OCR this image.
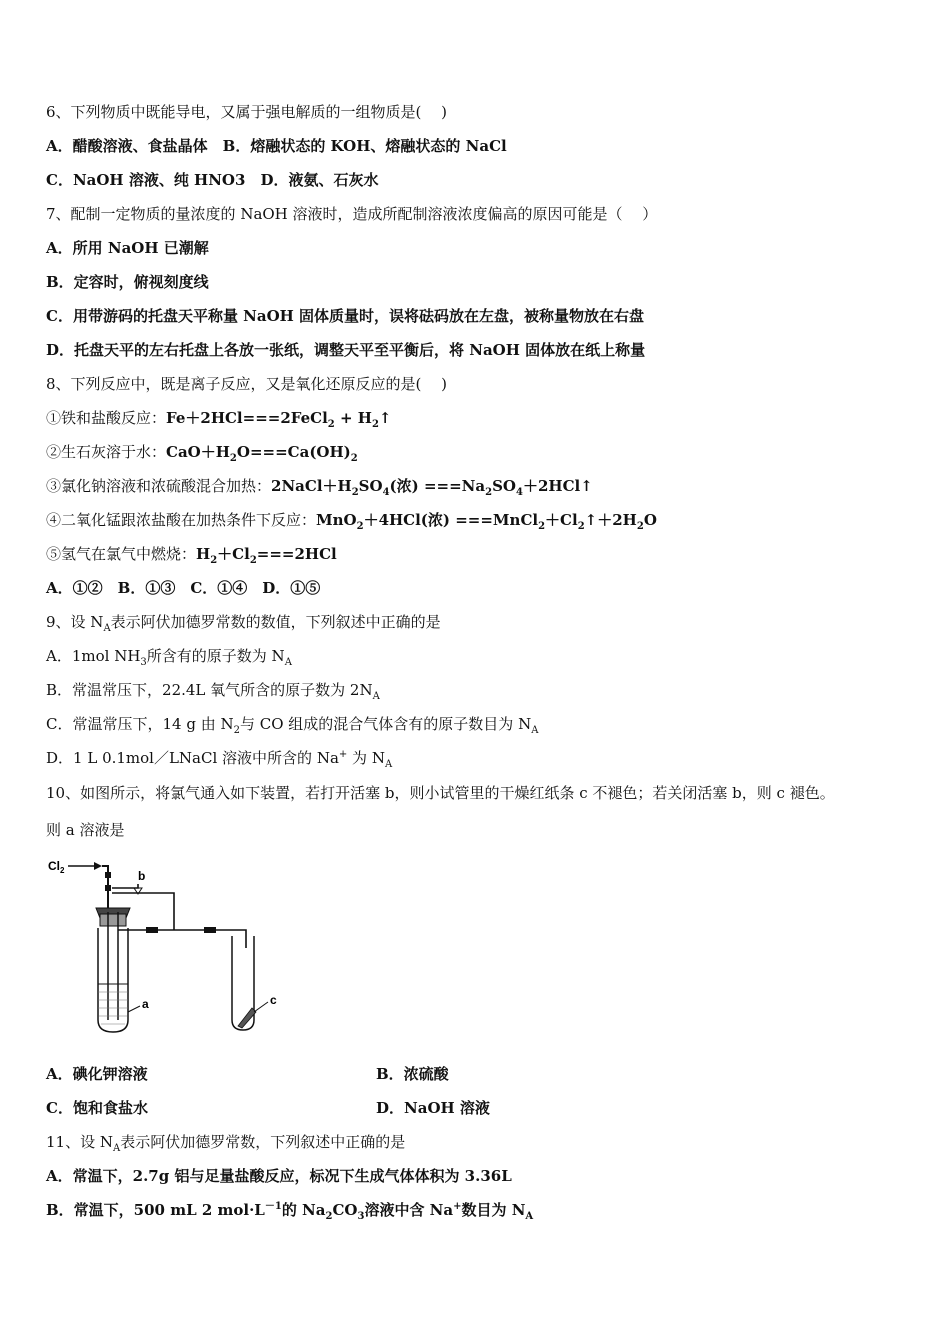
6、下列物质中既能导电，又属于强电解质的一组物质是(　 )
A．醋酸溶液、食盐晶体　B．熔融状态的 KOH、熔融状态的 NaCl
C．NaOH 溶液、纯 HNO3　D．液氨、石灰水
7、配制一定物质的量浓度的 NaOH 溶液时，造成所配制溶液浓度偏高的原因可能是（　 ）
A．所用 NaOH 已潮解
B．定容时，俯视刻度线
C．用带游码的托盘天平称量 NaOH 固体质量时，误将砝码放在左盘，被称量物放在右盘
D．托盘天平的左右托盘上各放一张纸，调整天平至平衡后，将 NaOH 固体放在纸上称量
8、下列反应中，既是离子反应，又是氧化还原反应的是(　 )
①铁和盐酸反应：Fe＋2HCl===2FeCl$_2$ + $H_2↑$
②生石灰溶于水：$CaO+H_2O===Ca(OH)_2$
③氯化钠溶液和浓硫酸混合加热：$2NaCl+H_2SO_4$(浓) $===Na_2SO_4+2HCl↑$
④二氧化锰跟浓盐酸在加热条件下反应：MnO$_2$＋4HCl(浓) $===MnCl_2+Cl_2↑+2H_2O$
⑤氢气在氯气中燃烧：$H_2+Cl_2===2HCl$
A．①②　B．①③　C．①④　D．①⑤
9、设 $N_A$表示阿伏加德罗常数的数值，下列叙述中正确的是
A．1mol $NH_3$所含有的原子数为 $N_A$
B．常温常压下，22.4L 氧气所含的原子数为 $2N_A$
C．常温常压下，14 g 由 $N_2$与 CO 组成的混合气体含有的原子数目为 $N_A$
D．1 L 0.1mol／LNaCl 溶液中所含的 Na+ 为 $N_A$
10、如图所示，将氯气通入如下装置，若打开活塞 b，则小试管里的干燥红纸条 c 不褪色；若关闭活塞 b，则 c 褪色。
则 a 溶液是
$Cl_2$	b
a	c
A．碘化钾溶液	B．浓硫酸
C．饱和食盐水	D．NaOH 溶液
11、设 $N_A$表示阿伏加德罗常数，下列叙述中正确的是
A．常温下，2.7g 铝与足量盐酸反应，标况下生成气体体积为 3.36L
B．常温下，500 mL 2 $mol\cdot L^{-1}$的 $Na_2CO_3$溶液中含 Na+数目为 $N_A$
